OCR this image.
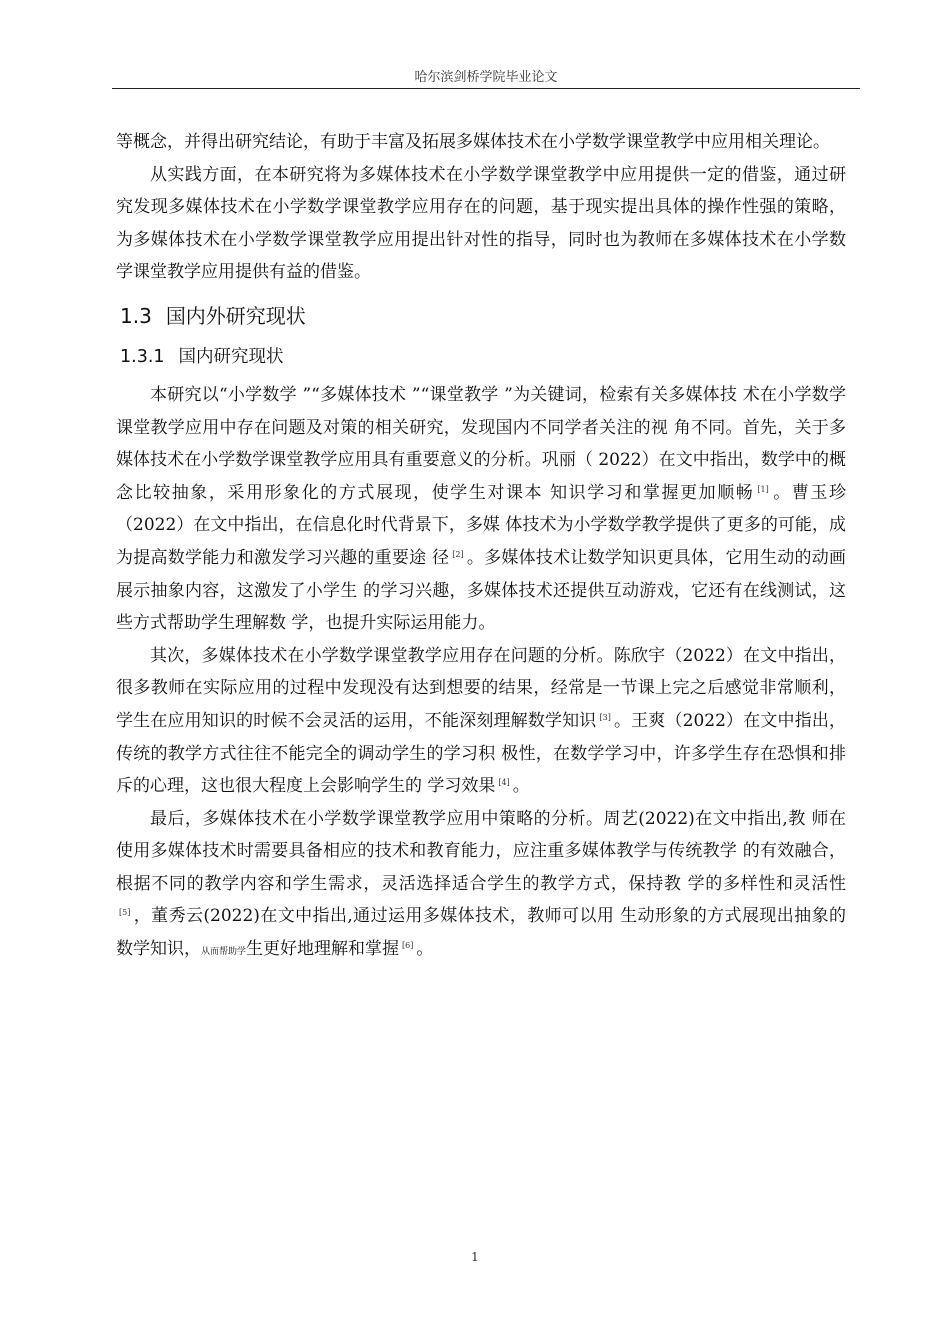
哈尔滨剑桥学院毕业论文

等概念，并得出研究结论，有助于丰富及拓展多媒体技术在小学数学课堂教学中应用相关理论。

从实践方面，在本研究将为多媒体技术在小学数学课堂教学中应用提供一定的借鉴，通过研究发现多媒体技术在小学数学课堂教学应用存在的问题，基于现实提出具体的操作性强的策略，为多媒体技术在小学数学课堂教学应用提出针对性的指导，同时也为教师在多媒体技术在小学数学课堂教学应用提供有益的借鉴。

1.3 国内外研究现状
1.3.1 国内研究现状

本研究以“小学数学 ”“多媒体技术 ”“课堂教学 ”为关键词，检索有关多媒体技 术在小学数学课堂教学应用中存在问题及对策的相关研究，发现国内不同学者关注的视 角不同。首先，关于多媒体技术在小学数学课堂教学应用具有重要意义的分析。巩丽（ 2022）在文中指出，数学中的概念比较抽象，采用形象化的方式展现，使学生对课本 知识学习和掌握更加顺畅 [1] 。曹玉珍（2022）在文中指出，在信息化时代背景下，多媒 体技术为小学数学教学提供了更多的可能，成为提高数学能力和激发学习兴趣的重要途 径 [2] 。多媒体技术让数学知识更具体，它用生动的动画展示抽象内容，这激发了小学生 的学习兴趣，多媒体技术还提供互动游戏，它还有在线测试，这些方式帮助学生理解数 学，也提升实际运用能力。

其次，多媒体技术在小学数学课堂教学应用存在问题的分析。陈欣宇（2022）在文中指出，很多教师在实际应用的过程中发现没有达到想要的结果，经常是一节课上完之后感觉非常顺利，学生在应用知识的时候不会灵活的运用，不能深刻理解数学知识 [3] 。王爽（2022）在文中指出，传统的教学方式往往不能完全的调动学生的学习积 极性，在数学学习中，许多学生存在恐惧和排斥的心理，这也很大程度上会影响学生的 学习效果 [4] 。

最后，多媒体技术在小学数学课堂教学应用中策略的分析。周艺(2022)在文中指出,教 师在使用多媒体技术时需要具备相应的技术和教育能力，应注重多媒体教学与传统教学 的有效融合，根据不同的教学内容和学生需求，灵活选择适合学生的教学方式，保持教 学的多样性和灵活性[5] ，董秀云(2022)在文中指出,通过运用多媒体技术，教师可以用 生动形象的方式展现出抽象的数学知识，从而帮助学生更好地理解和掌握 [6] 。

1
